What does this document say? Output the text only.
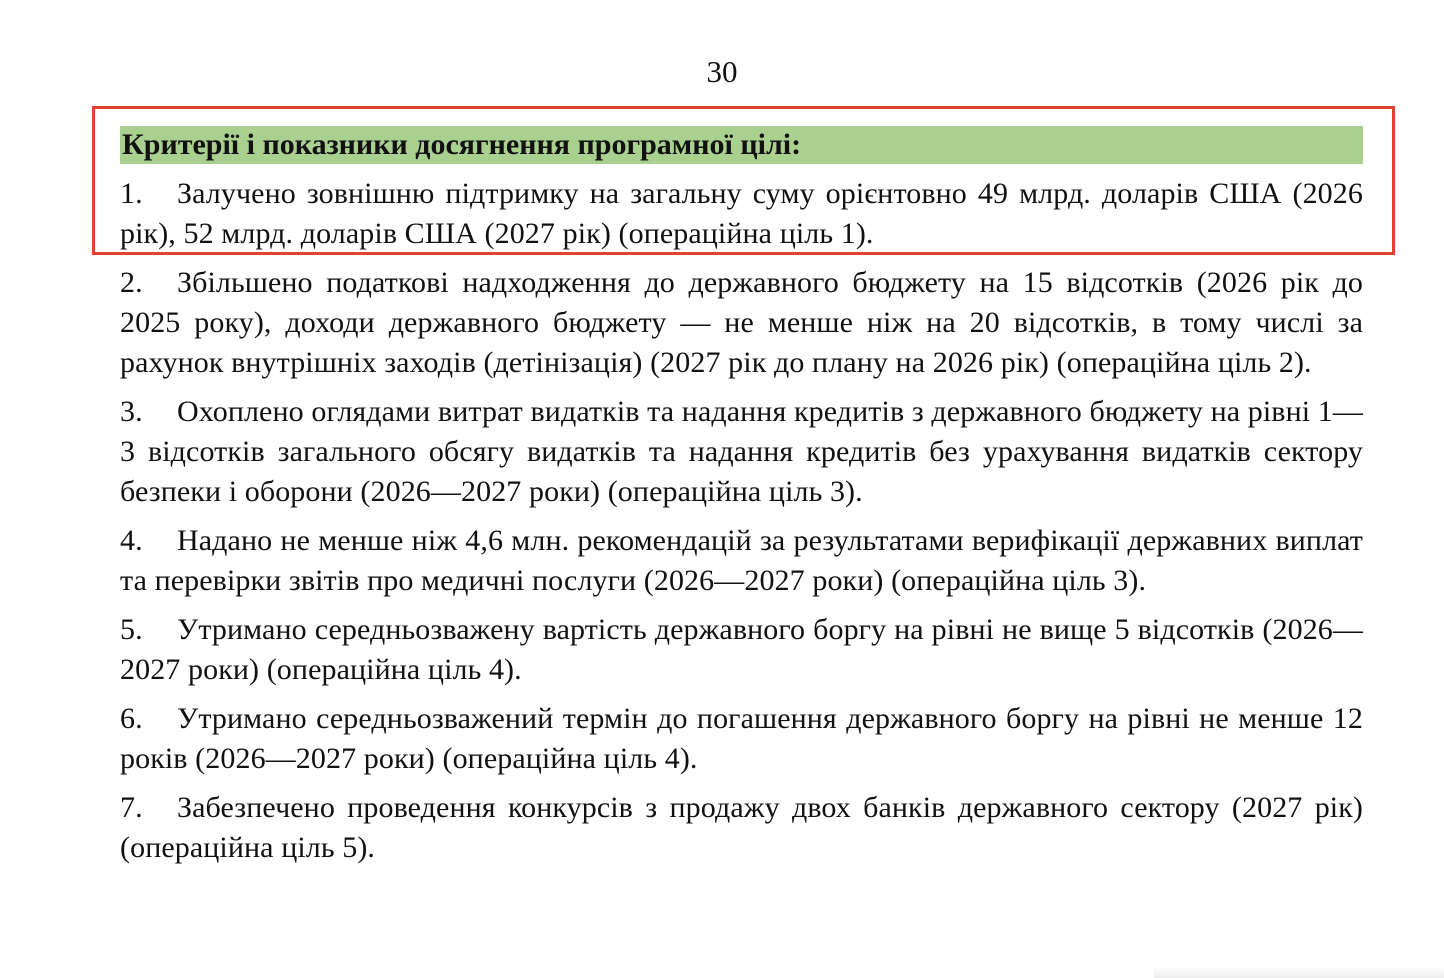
30
Критерії і показники досягнення програмної цілі:

1. Залучено зовнішню підтримку на загальну суму орієнтовно 49 млрд. доларів США (2026 рік), 52 млрд. доларів США (2027 рік) (операційна ціль 1).

2. Збільшено податкові надходження до державного бюджету на 15 відсотків (2026 рік до 2025 року), доходи державного бюджету — не менше ніж на 20 відсотків, в тому числі за рахунок внутрішніх заходів (детінізація) (2027 рік до плану на 2026 рік) (операційна ціль 2).

3. Охоплено оглядами витрат видатків та надання кредитів з державного бюджету на рівні 1—3 відсотків загального обсягу видатків та надання кредитів без урахування видатків сектору безпеки і оборони (2026—2027 роки) (операційна ціль 3).

4. Надано не менше ніж 4,6 млн. рекомендацій за результатами верифікації державних виплат та перевірки звітів про медичні послуги (2026—2027 роки) (операційна ціль 3).

5. Утримано середньозважену вартість державного боргу на рівні не вище 5 відсотків (2026—2027 роки) (операційна ціль 4).

6. Утримано середньозважений термін до погашення державного боргу на рівні не менше 12 років (2026—2027 роки) (операційна ціль 4).

7. Забезпечено проведення конкурсів з продажу двох банків державного сектору (2027 рік) (операційна ціль 5).
